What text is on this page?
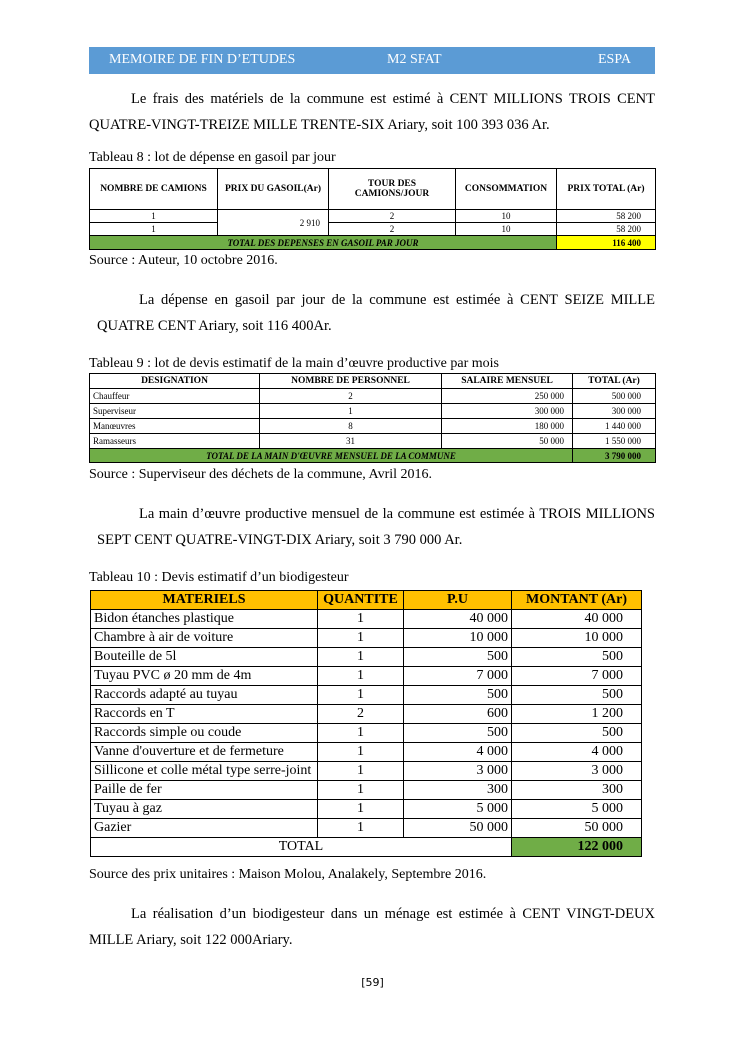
MEMOIRE DE FIN D’ETUDES	M2 SFAT	ESPA
Le frais des matériels de la commune est estimé à CENT MILLIONS TROIS CENT QUATRE-VINGT-TREIZE MILLE TRENTE-SIX Ariary, soit 100 393 036 Ar.
Tableau 8 : lot de dépense en gasoil par jour
NOMBRE DE CAMIONS	PRIX DU GASOIL(Ar)	TOUR DES CAMIONS/JOUR	CONSOMMATION	PRIX TOTAL (Ar)
1	2 910	2	10	58 200
1		2	10	58 200
TOTAL DES DEPENSES EN GASOIL PAR JOUR				116 400
Source : Auteur, 10 octobre 2016.
La dépense en gasoil par jour de la commune est estimée à CENT SEIZE MILLE QUATRE CENT Ariary, soit 116 400Ar.
Tableau 9 : lot de devis estimatif de la main d’œuvre productive par mois
DESIGNATION	NOMBRE DE PERSONNEL	SALAIRE MENSUEL	TOTAL (Ar)
Chauffeur	2	250 000	500 000
Superviseur	1	300 000	300 000
Manœuvres	8	180 000	1 440 000
Ramasseurs	31	50 000	1 550 000
TOTAL DE LA MAIN D'ŒUVRE MENSUEL DE LA COMMUNE			3 790 000
Source : Superviseur des déchets de la commune, Avril 2016.
La main d’œuvre productive mensuel de la commune est estimée à TROIS MILLIONS SEPT CENT QUATRE-VINGT-DIX Ariary, soit 3 790 000 Ar.
Tableau 10 : Devis estimatif d’un biodigesteur
MATERIELS	QUANTITE	P.U	MONTANT (Ar)
Bidon étanches plastique	1	40 000	40 000
Chambre à air de voiture	1	10 000	10 000
Bouteille de 5l	1	500	500
Tuyau PVC ø 20 mm de 4m	1	7 000	7 000
Raccords adapté au tuyau	1	500	500
Raccords en T	2	600	1 200
Raccords simple ou coude	1	500	500
Vanne d'ouverture et de fermeture	1	4 000	4 000
Sillicone et colle métal type serre-joint	1	3 000	3 000
Paille de fer	1	300	300
Tuyau à gaz	1	5 000	5 000
Gazier	1	50 000	50 000
TOTAL			122 000
Source des prix unitaires : Maison Molou, Analakely, Septembre 2016.
La réalisation d’un biodigesteur dans un ménage est estimée à CENT VINGT-DEUX MILLE Ariary, soit 122 000Ariary.
[59]
